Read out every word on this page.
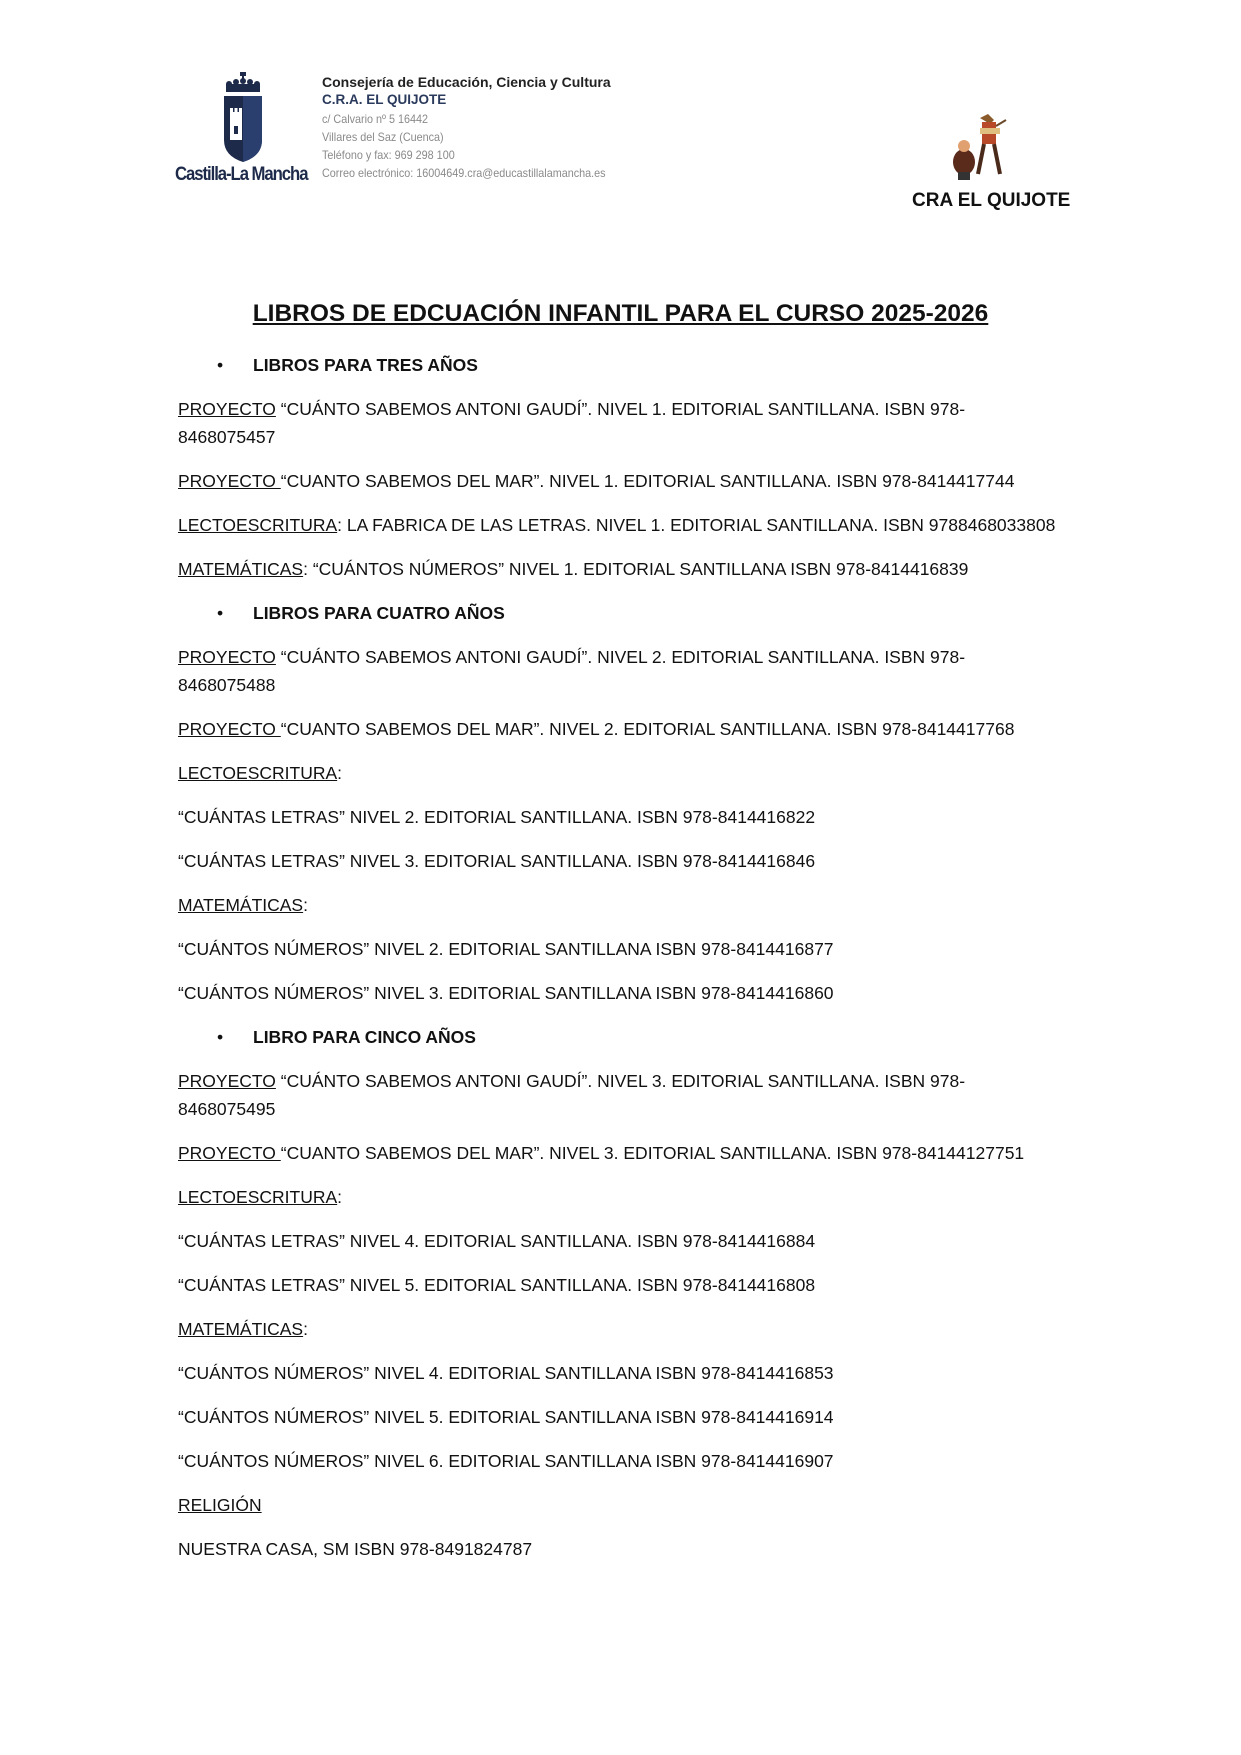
Castilla-La Mancha
Consejería de Educación, Ciencia y Cultura
C.R.A. EL QUIJOTE
c/ Calvario nº 5 16442
Villares del Saz (Cuenca)
Teléfono y fax: 969 298 100
Correo electrónico: 16004649.cra@educastillalamancha.es
CRA EL QUIJOTE
LIBROS DE EDCUACIÓN INFANTIL PARA EL CURSO 2025-2026
LIBROS PARA TRES AÑOS
PROYECTO “CUÁNTO SABEMOS ANTONI GAUDÍ”. NIVEL 1. EDITORIAL SANTILLANA. ISBN 978-
8468075457
PROYECTO “CUANTO SABEMOS DEL MAR”. NIVEL 1. EDITORIAL SANTILLANA. ISBN 978-8414417744
LECTOESCRITURA: LA FABRICA DE LAS LETRAS. NIVEL 1. EDITORIAL SANTILLANA. ISBN 9788468033808
MATEMÁTICAS: “CUÁNTOS NÚMEROS” NIVEL 1. EDITORIAL SANTILLANA ISBN 978-8414416839
LIBROS PARA CUATRO AÑOS
PROYECTO “CUÁNTO SABEMOS ANTONI GAUDÍ”. NIVEL 2. EDITORIAL SANTILLANA. ISBN 978-
8468075488
PROYECTO “CUANTO SABEMOS DEL MAR”. NIVEL 2. EDITORIAL SANTILLANA. ISBN 978-8414417768
LECTOESCRITURA:
“CUÁNTAS LETRAS” NIVEL 2. EDITORIAL SANTILLANA. ISBN 978-8414416822
“CUÁNTAS LETRAS” NIVEL 3. EDITORIAL SANTILLANA. ISBN 978-8414416846
MATEMÁTICAS:
“CUÁNTOS NÚMEROS” NIVEL 2. EDITORIAL SANTILLANA ISBN 978-8414416877
“CUÁNTOS NÚMEROS” NIVEL 3. EDITORIAL SANTILLANA ISBN 978-8414416860
LIBRO PARA CINCO AÑOS
PROYECTO “CUÁNTO SABEMOS ANTONI GAUDÍ”. NIVEL 3. EDITORIAL SANTILLANA. ISBN 978-
8468075495
PROYECTO “CUANTO SABEMOS DEL MAR”. NIVEL 3. EDITORIAL SANTILLANA. ISBN 978-84144127751
LECTOESCRITURA:
“CUÁNTAS LETRAS” NIVEL 4. EDITORIAL SANTILLANA. ISBN 978-8414416884
“CUÁNTAS LETRAS” NIVEL 5. EDITORIAL SANTILLANA. ISBN 978-8414416808
MATEMÁTICAS:
“CUÁNTOS NÚMEROS” NIVEL 4. EDITORIAL SANTILLANA ISBN 978-8414416853
“CUÁNTOS NÚMEROS” NIVEL 5. EDITORIAL SANTILLANA ISBN 978-8414416914
“CUÁNTOS NÚMEROS” NIVEL 6. EDITORIAL SANTILLANA ISBN 978-8414416907
RELIGIÓN
NUESTRA CASA, SM ISBN 978-8491824787
